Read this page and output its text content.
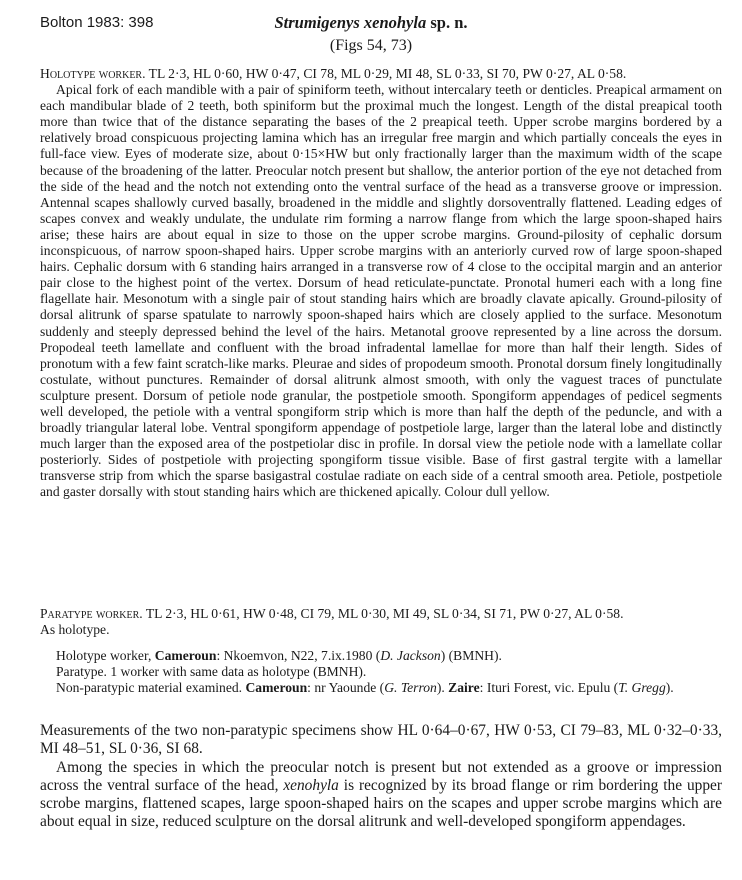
Bolton 1983: 398	Strumigenys xenohyla sp. n.
(Figs 54, 73)

Holotype worker. TL 2·3, HL 0·60, HW 0·47, CI 78, ML 0·29, MI 48, SL 0·33, SI 70, PW 0·27, AL 0·58.

Apical fork of each mandible with a pair of spiniform teeth, without intercalary teeth or denticles. Preapical armament on each mandibular blade of 2 teeth, both spiniform but the proximal much the longest. Length of the distal preapical tooth more than twice that of the distance separating the bases of the 2 preapical teeth. Upper scrobe margins bordered by a relatively broad conspicuous projecting lamina which has an irregular free margin and which partially conceals the eyes in full-face view. Eyes of moderate size, about 0·15×HW but only fractionally larger than the maximum width of the scape because of the broadening of the latter. Preocular notch present but shallow, the anterior portion of the eye not detached from the side of the head and the notch not extending onto the ventral surface of the head as a transverse groove or impression. Antennal scapes shallowly curved basally, broadened in the middle and slightly dorsoventrally flattened. Leading edges of scapes convex and weakly undulate, the undulate rim forming a narrow flange from which the large spoon-shaped hairs arise; these hairs are about equal in size to those on the upper scrobe margins. Ground-pilosity of cephalic dorsum inconspicuous, of narrow spoon-shaped hairs. Upper scrobe margins with an anteriorly curved row of large spoon-shaped hairs. Cephalic dorsum with 6 standing hairs arranged in a transverse row of 4 close to the occipital margin and an anterior pair close to the highest point of the vertex. Dorsum of head reticulate-punctate. Pronotal humeri each with a long fine flagellate hair. Mesonotum with a single pair of stout standing hairs which are broadly clavate apically. Ground-pilosity of dorsal alitrunk of sparse spatulate to narrowly spoon-shaped hairs which are closely applied to the surface. Mesonotum suddenly and steeply depressed behind the level of the hairs. Metanotal groove represented by a line across the dorsum. Propodeal teeth lamellate and confluent with the broad infradental lamellae for more than half their length. Sides of pronotum with a few faint scratch-like marks. Pleurae and sides of propodeum smooth. Pronotal dorsum finely longitudinally costulate, without punctures. Remainder of dorsal alitrunk almost smooth, with only the vaguest traces of punctulate sculpture present. Dorsum of petiole node granular, the postpetiole smooth. Spongiform appendages of pedicel segments well developed, the petiole with a ventral spongiform strip which is more than half the depth of the peduncle, and with a broadly triangular lateral lobe. Ventral spongiform appendage of postpetiole large, larger than the lateral lobe and distinctly much larger than the exposed area of the postpetiolar disc in profile. In dorsal view the petiole node with a lamellate collar posteriorly. Sides of postpetiole with projecting spongiform tissue visible. Base of first gastral tergite with a lamellar transverse strip from which the sparse basigastral costulae radiate on each side of a central smooth area. Petiole, postpetiole and gaster dorsally with stout standing hairs which are thickened apically. Colour dull yellow.

Paratype worker. TL 2·3, HL 0·61, HW 0·48, CI 79, ML 0·30, MI 49, SL 0·34, SI 71, PW 0·27, AL 0·58.

As holotype.

Holotype worker, Cameroun: Nkoemvon, N22, 7.ix.1980 (D. Jackson) (BMNH).

Paratype. 1 worker with same data as holotype (BMNH).

Non-paratypic material examined. Cameroun: nr Yaounde (G. Terron). Zaire: Ituri Forest, vic. Epulu (T. Gregg).

Measurements of the two non-paratypic specimens show HL 0·64–0·67, HW 0·53, CI 79–83, ML 0·32–0·33, MI 48–51, SL 0·36, SI 68.

Among the species in which the preocular notch is present but not extended as a groove or impression across the ventral surface of the head, xenohyla is recognized by its broad flange or rim bordering the upper scrobe margins, flattened scapes, large spoon-shaped hairs on the scapes and upper scrobe margins which are about equal in size, reduced sculpture on the dorsal alitrunk and well-developed spongiform appendages.
